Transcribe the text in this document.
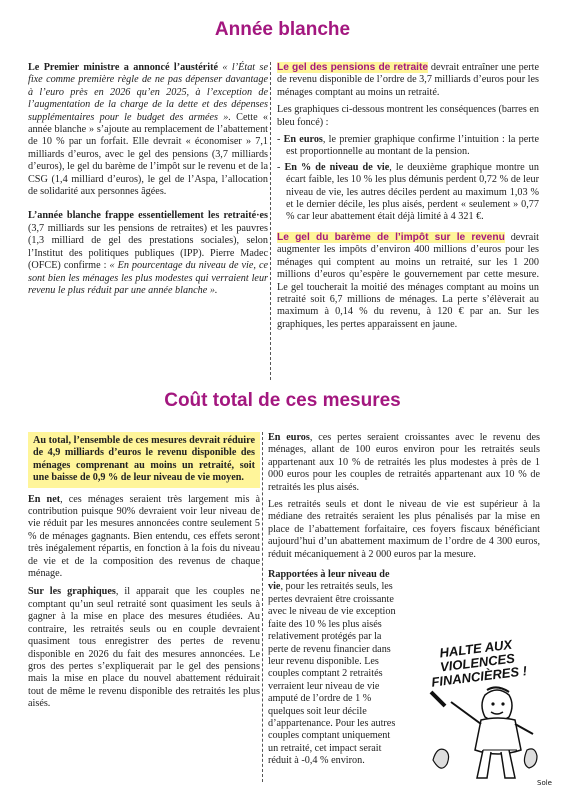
Année blanche

Le Premier ministre a annoncé l’austérité « l’État se fixe comme première règle de ne pas dépenser davantage à l’euro près en 2026 qu’en 2025, à l’exception de l’augmentation de la charge de la dette et des dépenses supplémentaires pour le budget des armées ». Cette « année blanche » s’ajoute au remplacement de l’abattement de 10 % par un forfait. Elle devrait « économiser » 7,1 milliards d’euros, avec le gel des pensions (3,7 milliards d’euros), le gel du barème de l’impôt sur le revenu et de la CSG (1,4 milliard d’euros), le gel de l’Aspa, l’allocation de solidarité aux personnes âgées.

L’année blanche frappe essentiellement les retraité·es (3,7 milliards sur les pensions de retraites) et les pauvres (1,3 milliard de gel des prestations sociales), selon l’Institut des politiques publiques (IPP). Pierre Madec (OFCE) confirme : « En pourcentage du niveau de vie, ce sont bien les ménages les plus modestes qui verraient leur revenu le plus réduit par une année blanche ».

Le gel des pensions de retraite devrait entraîner une perte de revenu disponible de l’ordre de 3,7 milliards d’euros pour les ménages comptant au moins un retraité.

Les graphiques ci-dessous montrent les conséquences (barres en bleu foncé) :

- En euros, le premier graphique confirme l’intuition : la perte est proportionnelle au montant de la pension.
- En % de niveau de vie, le deuxième graphique montre un écart faible, les 10 % les plus démunis perdent 0,72 % de leur niveau de vie, les autres déciles perdent au maximum 1,03 % et le dernier décile, les plus aisés, perdent « seulement » 0,77 % car leur abattement était déjà limité à 4 321 €.

Le gel du barème de l’impôt sur le revenu devrait augmenter les impôts d’environ 400 millions d’euros pour les ménages qui comptent au moins un retraité, sur les 1 200 millions d’euros qu’espère le gouvernement par cette mesure. Le gel toucherait la moitié des ménages comptant au moins un retraité soit 6,7 millions de ménages. La perte s’élèverait au maximum à 0,14 % du revenu, à 120 € par an. Sur les graphiques, les pertes apparaissent en jaune.

Coût total de ces mesures

Au total, l’ensemble de ces mesures devrait réduire de 4,9 milliards d’euros le revenu disponible des ménages comprenant au moins un retraité, soit une baisse de 0,9 % de leur niveau de vie moyen.

En net, ces ménages seraient très largement mis à contribution puisque 90% devraient voir leur niveau de vie réduit par les mesures annoncées contre seulement 5 % de ménages gagnants. Bien entendu, ces effets seront très inégalement répartis, en fonction à la fois du niveau de vie et de la composition des revenus de chaque ménage.

Sur les graphiques, il apparait que les couples ne comptant qu’un seul retraité sont quasiment les seuls à gagner à la mise en place des mesures étudiées. Au contraire, les retraités seuls ou en couple devraient quasiment tous enregistrer des pertes de revenu disponible en 2026 du fait des mesures annoncées. Le gros des pertes s’expliquerait par le gel des pensions mais la mise en place du nouvel abattement réduirait tout de même le revenu disponible des retraités les plus aisés.

En euros, ces pertes seraient croissantes avec le revenu des ménages, allant de 100 euros environ pour les retraités seuls appartenant aux 10 % de retraités les plus modestes à près de 1 000 euros pour les couples de retraités appartenant aux 10 % de retraités les plus aisés.

Les retraités seuls et dont le niveau de vie est supérieur à la médiane des retraités seraient les plus pénalisés par la mise en place de l’abattement forfaitaire, ces foyers fiscaux bénéficiant aujourd’hui d’un abattement maximum de l’ordre de 4 300 euros, réduit mécaniquement à 2 000 euros par la mesure.

Rapportées à leur niveau de vie, pour les retraités seuls, les pertes devraient être croissante avec le niveau de vie exception faite des 10 % les plus aisés relativement protégés par la perte de revenu financier dans leur revenu disponible. Les couples comptant 2 retraités verraient leur niveau de vie amputé de l’ordre de 1 % quelques soit leur décile d’appartenance. Pour les autres couples comptant uniquement un retraité, cet impact serait réduit à -0,4 % environ.

HALTE AUX VIOLENCES FINANCIÈRES !
Sole
